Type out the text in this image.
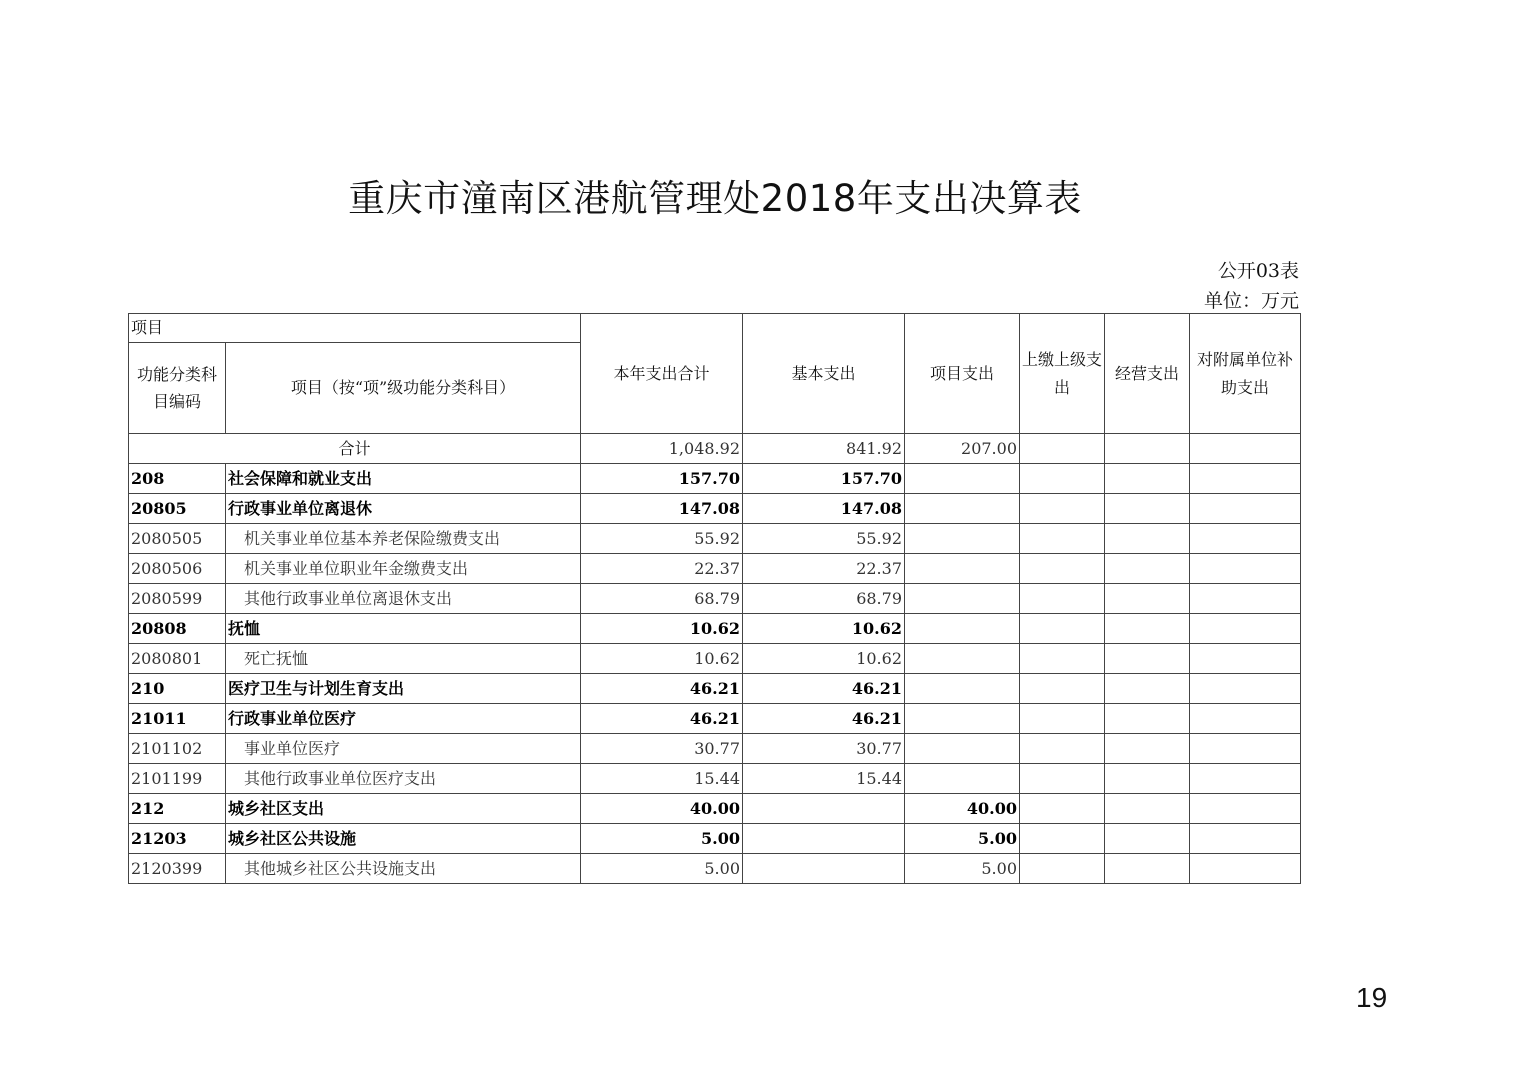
重庆市潼南区港航管理处2018年支出决算表
公开03表
单位：万元
项目		本年支出合计	基本支出	项目支出	上缴上级支出	经营支出	对附属单位补助支出
功能分类科目编码	项目（按“项”级功能分类科目）						
合计		1,048.92	841.92	207.00			
208	社会保障和就业支出	157.70	157.70				
20805	行政事业单位离退休	147.08	147.08				
2080505	机关事业单位基本养老保险缴费支出	55.92	55.92				
2080506	机关事业单位职业年金缴费支出	22.37	22.37				
2080599	其他行政事业单位离退休支出	68.79	68.79				
20808	抚恤	10.62	10.62				
2080801	死亡抚恤	10.62	10.62				
210	医疗卫生与计划生育支出	46.21	46.21				
21011	行政事业单位医疗	46.21	46.21				
2101102	事业单位医疗	30.77	30.77				
2101199	其他行政事业单位医疗支出	15.44	15.44				
212	城乡社区支出	40.00		40.00			
21203	城乡社区公共设施	5.00		5.00			
2120399	其他城乡社区公共设施支出	5.00		5.00			
19
